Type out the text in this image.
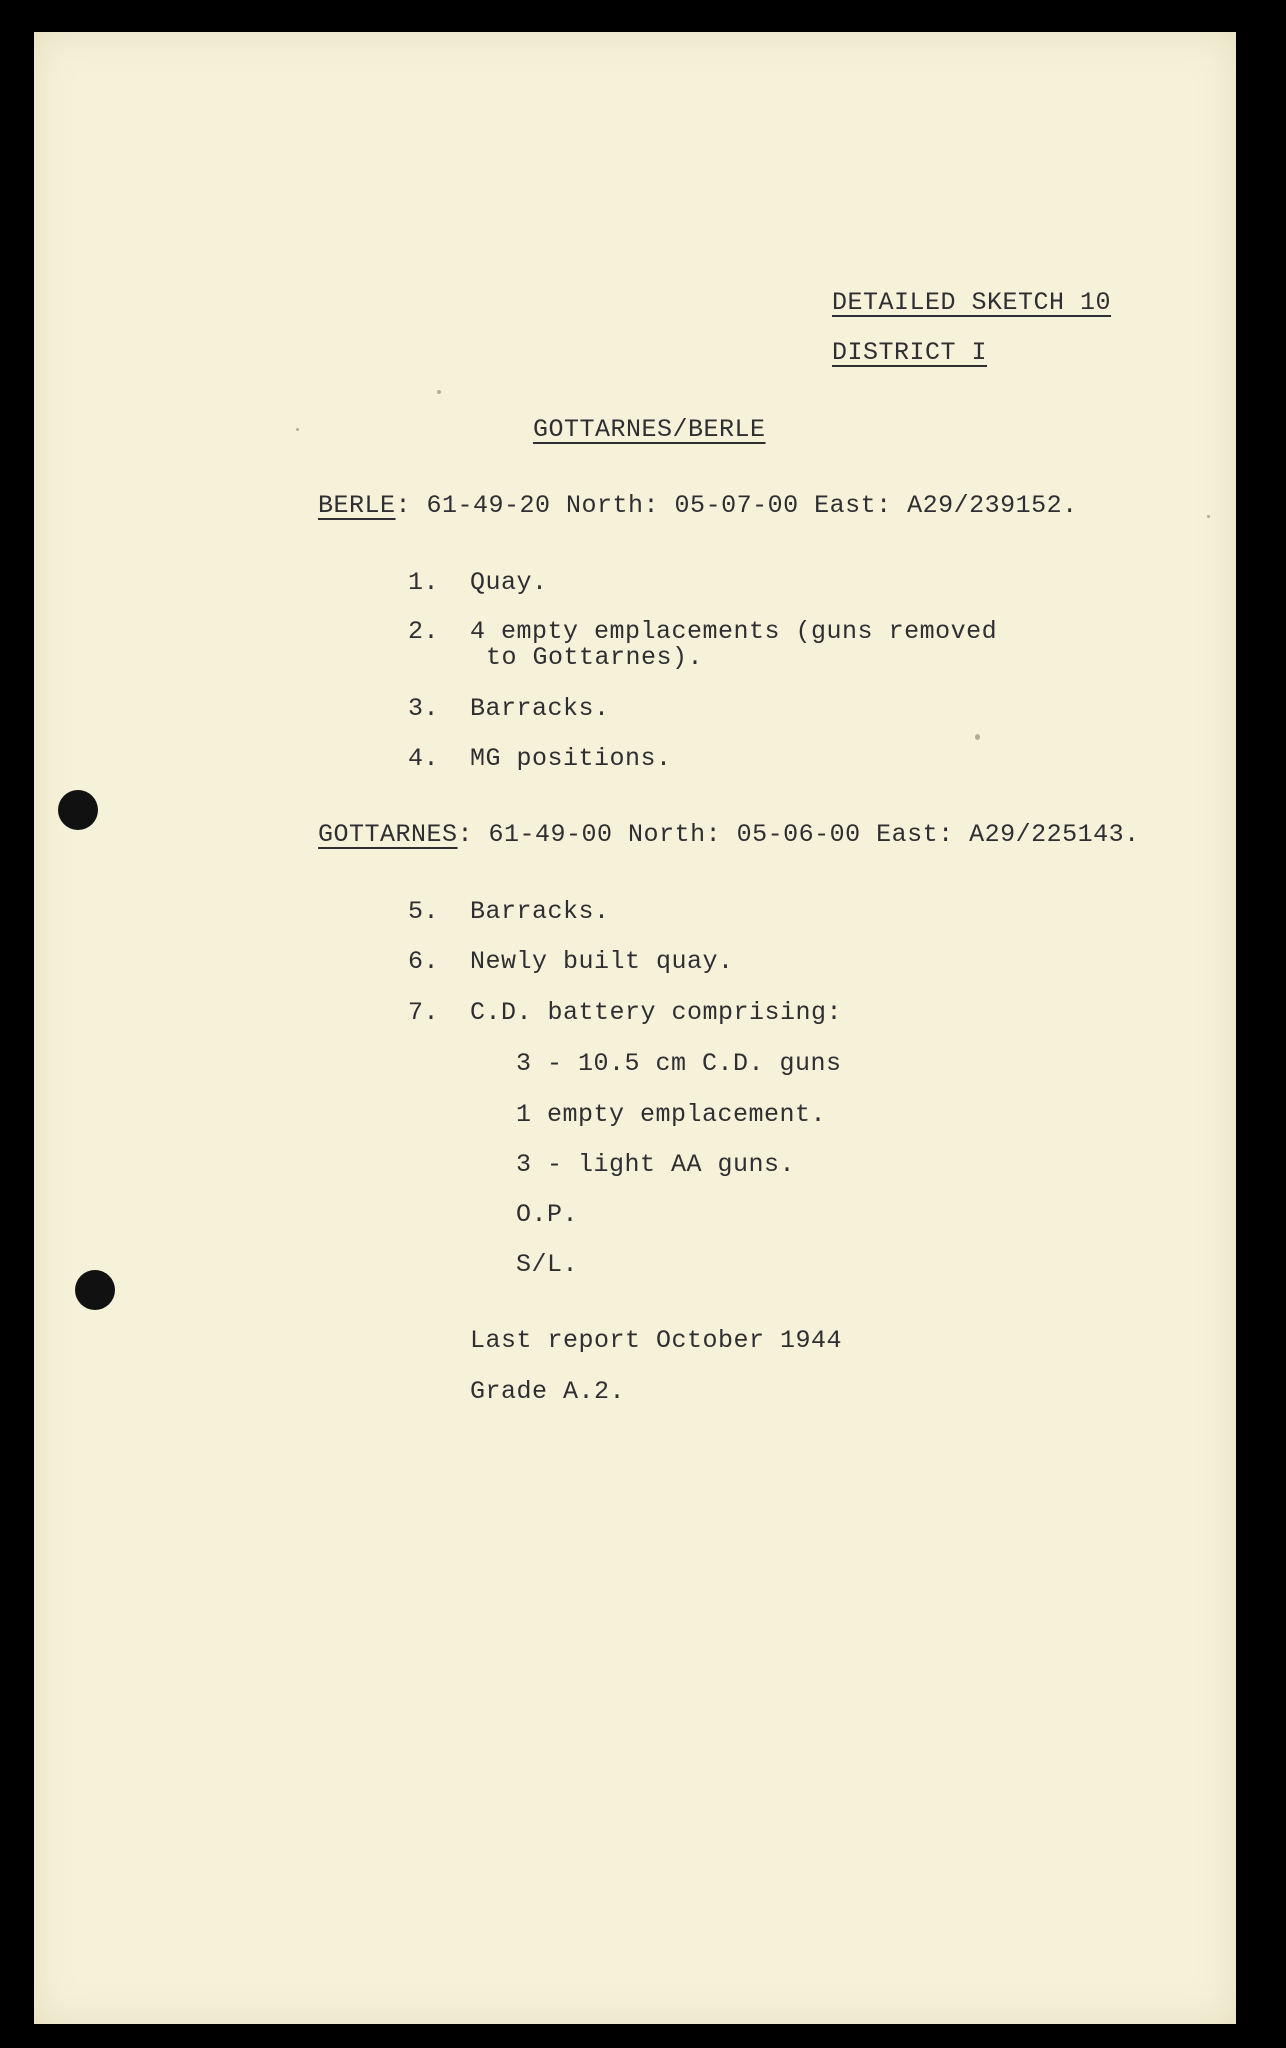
DETAILED SKETCH 10
DISTRICT I
GOTTARNES/BERLE
BERLE: 61-49-20 North: 05-07-00 East: A29/239152.
1. Quay.
2. 4 empty emplacements (guns removed
to Gottarnes).
3. Barracks.
4. MG positions.
GOTTARNES: 61-49-00 North: 05-06-00 East: A29/225143.
5. Barracks.
6. Newly built quay.
7. C.D. battery comprising:
3 - 10.5 cm C.D. guns
1 empty emplacement.
3 - light AA guns.
O.P.
S/L.
Last report October 1944
Grade A.2.
